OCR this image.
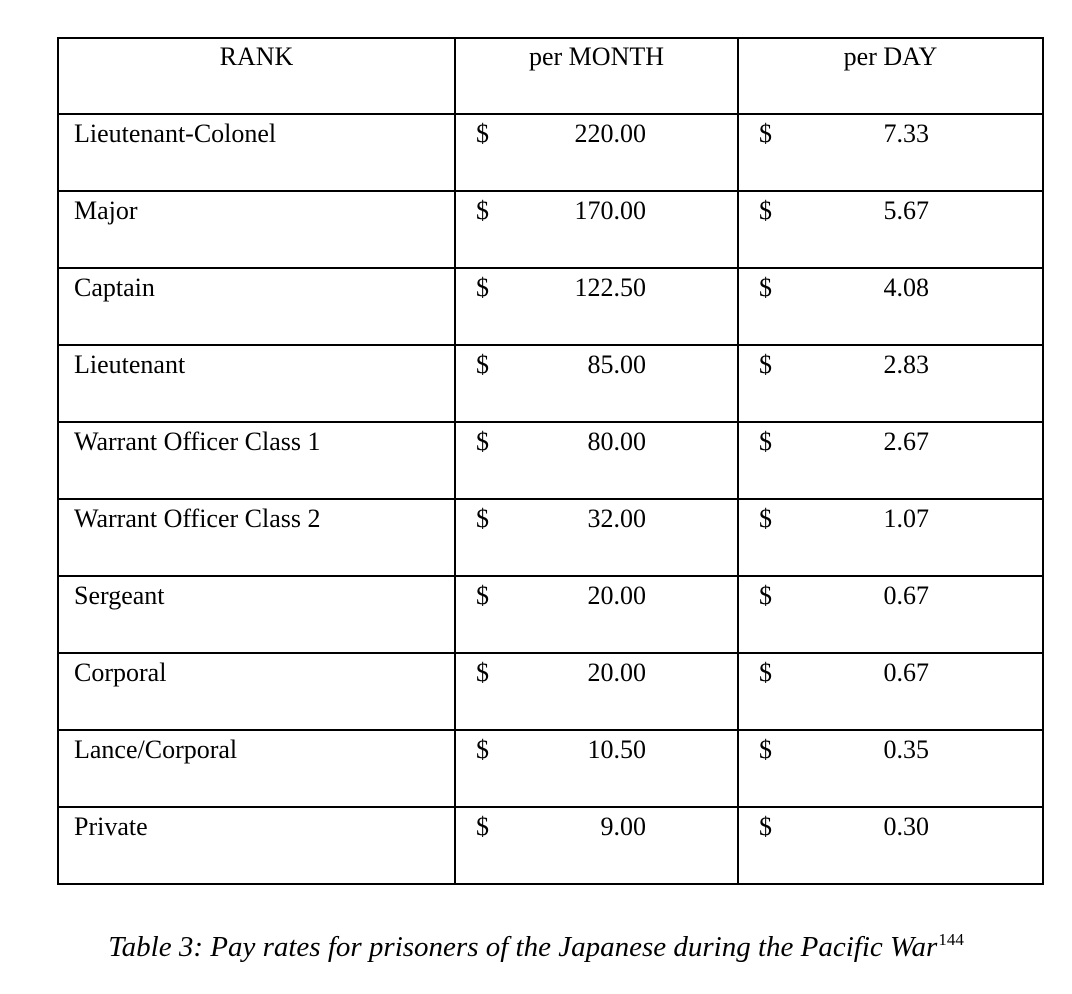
RANK	per MONTH	per DAY
Lieutenant-Colonel	$ 220.00	$ 7.33

Major	$ 170.00	$ 5.67

Captain	$ 122.50	$ 4.08

Lieutenant	$ 85.00	$ 2.83

Warrant Officer Class 1	$ 80.00	$ 2.67

Warrant Officer Class 2	$ 32.00	$ 1.07

Sergeant	$ 20.00	$ 0.67

Corporal	$ 20.00	$ 0.67

Lance/Corporal	$ 10.50	$ 0.35

Private	$ 9.00	$ 0.30
Table 3: Pay rates for prisoners of the Japanese during the Pacific War$^{144}$
